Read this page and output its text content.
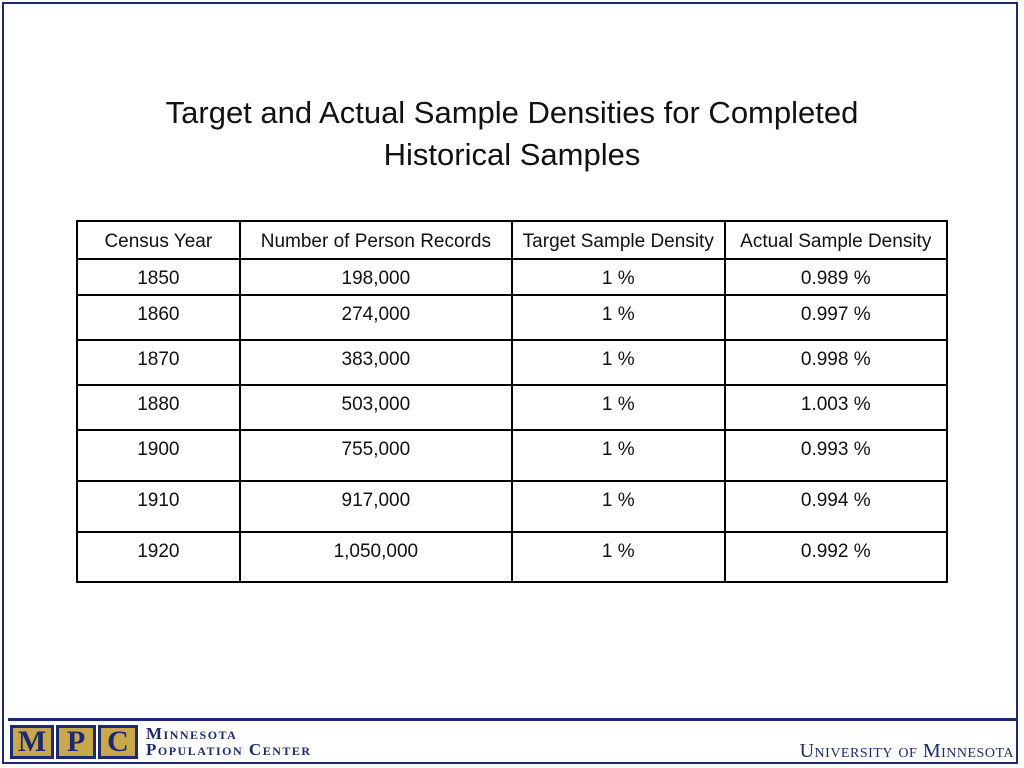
Target and Actual Sample Densities for Completed
Historical Samples
Census Year	Number of Person Records	Target Sample Density	Actual Sample Density
1850	198,000	1 %	0.989 %
1860	274,000	1 %	0.997 %
1870	383,000	1 %	0.998 %
1880	503,000	1 %	1.003 %
1900	755,000	1 %	0.993 %
1910	917,000	1 %	0.994 %
1920	1,050,000	1 %	0.992 %
M P C	Minnesota
Population Center	University of Minnesota
